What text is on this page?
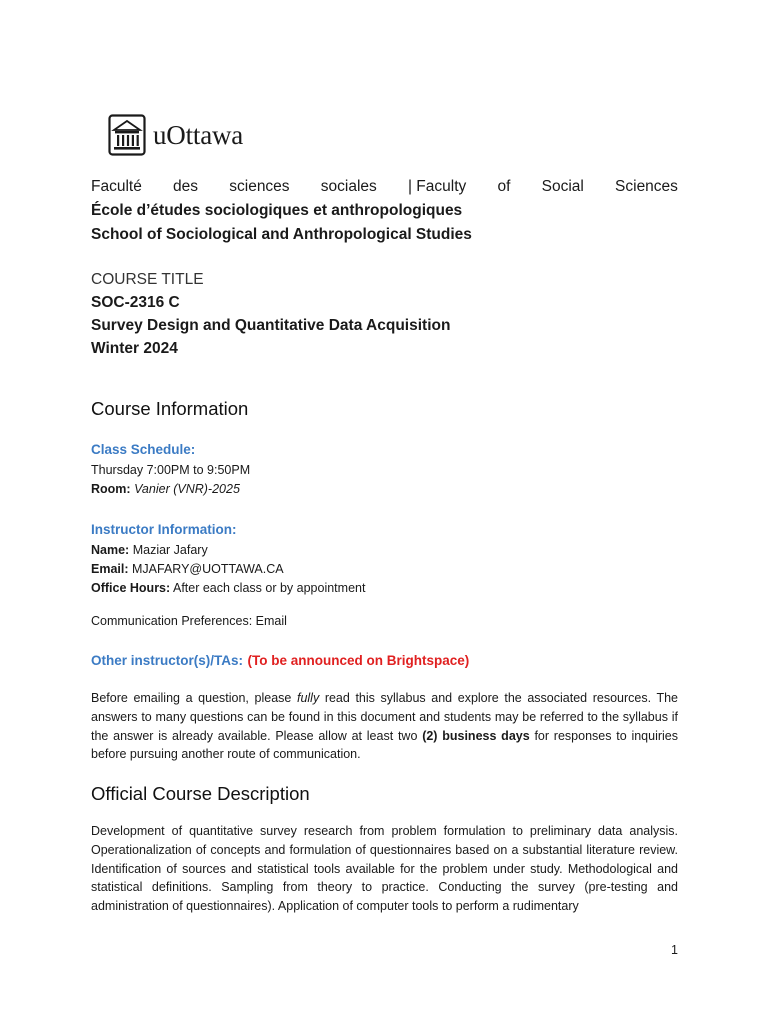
uOttawa
Faculté des sciences sociales | Faculty of Social Sciences
École d’études sociologiques et anthropologiques
School of Sociological and Anthropological Studies
COURSE TITLE
SOC-2316 C
Survey Design and Quantitative Data Acquisition
Winter 2024
Course Information
Class Schedule:
Thursday 7:00PM to 9:50PM
Room: Vanier (VNR)-2025
Instructor Information:
Name: Maziar Jafary
Email: MJAFARY@UOTTAWA.CA
Office Hours: After each class or by appointment
Communication Preferences: Email
Other instructor(s)/TAs: (To be announced on Brightspace)
Before emailing a question, please fully read this syllabus and explore the associated resources. The answers to many questions can be found in this document and students may be referred to the syllabus if the answer is already available. Please allow at least two (2) business days for responses to inquiries before pursuing another route of communication.
Official Course Description
Development of quantitative survey research from problem formulation to preliminary data analysis. Operationalization of concepts and formulation of questionnaires based on a substantial literature review. Identification of sources and statistical tools available for the problem under study. Methodological and statistical definitions. Sampling from theory to practice. Conducting the survey (pre-testing and administration of questionnaires). Application of computer tools to perform a rudimentary
1
